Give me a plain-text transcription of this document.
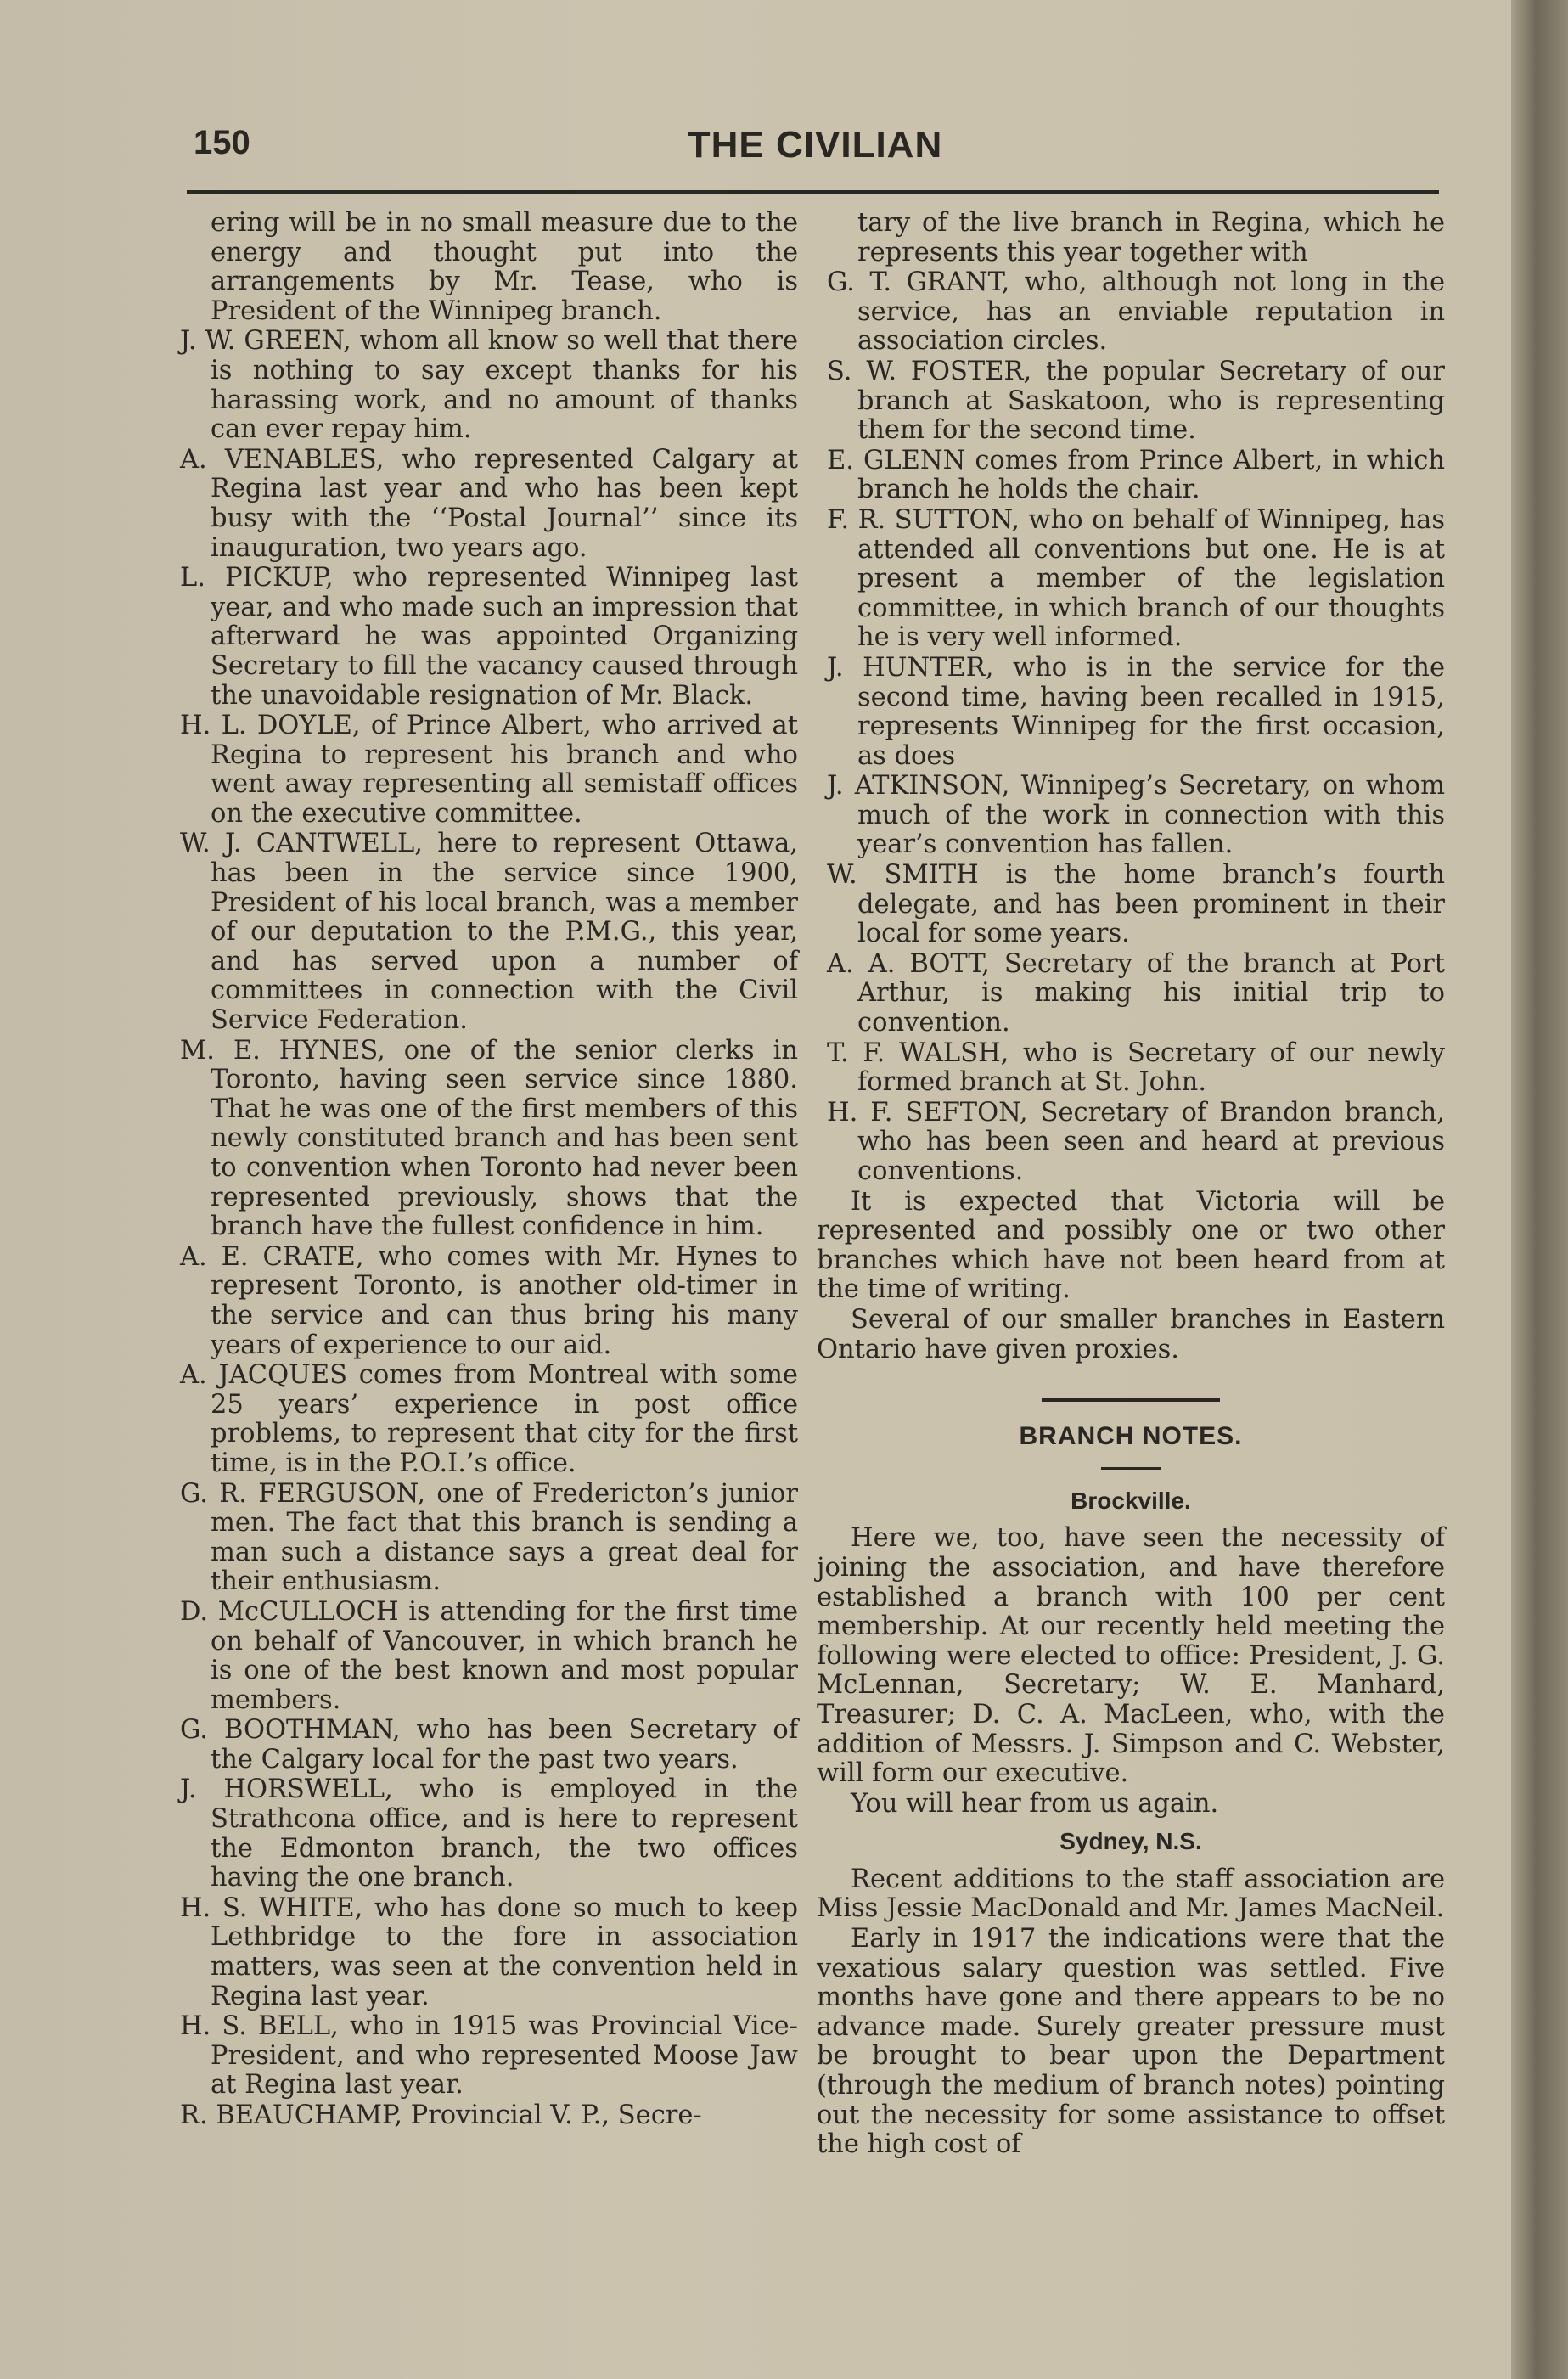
150	THE CIVILIAN

ering will be in no small measure due to the energy and thought put into the arrangements by Mr. Tease, who is President of the Winnipeg branch.

J. W. GREEN, whom all know so well that there is nothing to say except thanks for his harassing work, and no amount of thanks can ever repay him.

A. VENABLES, who represented Calgary at Regina last year and who has been kept busy with the ‘‘Postal Journal’’ since its inauguration, two years ago.

L. PICKUP, who represented Winnipeg last year, and who made such an impression that afterward he was appointed Organizing Secretary to fill the vacancy caused through the unavoidable resignation of Mr. Black.

H. L. DOYLE, of Prince Albert, who arrived at Regina to represent his branch and who went away representing all semistaff offices on the executive committee.

W. J. CANTWELL, here to represent Ottawa, has been in the service since 1900, President of his local branch, was a member of our deputation to the P.M.G., this year, and has served upon a number of committees in connection with the Civil Service Federation.

M. E. HYNES, one of the senior clerks in Toronto, having seen service since 1880. That he was one of the first members of this newly constituted branch and has been sent to convention when Toronto had never been represented previously, shows that the branch have the fullest confidence in him.

A. E. CRATE, who comes with Mr. Hynes to represent Toronto, is another old-timer in the service and can thus bring his many years of experience to our aid.

A. JACQUES comes from Montreal with some 25 years’ experience in post office problems, to represent that city for the first time, is in the P.O.I.’s office.

G. R. FERGUSON, one of Fredericton’s junior men. The fact that this branch is sending a man such a distance says a great deal for their enthusiasm.

D. McCULLOCH is attending for the first time on behalf of Vancouver, in which branch he is one of the best known and most popular members.

G. BOOTHMAN, who has been Secretary of the Calgary local for the past two years.

J. HORSWELL, who is employed in the Strathcona office, and is here to represent the Edmonton branch, the two offices having the one branch.

H. S. WHITE, who has done so much to keep Lethbridge to the fore in association matters, was seen at the convention held in Regina last year.

H. S. BELL, who in 1915 was Provincial Vice-President, and who represented Moose Jaw at Regina last year.

R. BEAUCHAMP, Provincial V. P., Secre-

tary of the live branch in Regina, which he represents this year together with

G. T. GRANT, who, although not long in the service, has an enviable reputation in association circles.

S. W. FOSTER, the popular Secretary of our branch at Saskatoon, who is representing them for the second time.

E. GLENN comes from Prince Albert, in which branch he holds the chair.

F. R. SUTTON, who on behalf of Winnipeg, has attended all conventions but one. He is at present a member of the legislation committee, in which branch of our thoughts he is very well informed.

J. HUNTER, who is in the service for the second time, having been recalled in 1915, represents Winnipeg for the first occasion, as does

J. ATKINSON, Winnipeg’s Secretary, on whom much of the work in connection with this year’s convention has fallen.

W. SMITH is the home branch’s fourth delegate, and has been prominent in their local for some years.

A. A. BOTT, Secretary of the branch at Port Arthur, is making his initial trip to convention.

T. F. WALSH, who is Secretary of our newly formed branch at St. John.

H. F. SEFTON, Secretary of Brandon branch, who has been seen and heard at previous conventions.

It is expected that Victoria will be represented and possibly one or two other branches which have not been heard from at the time of writing.

Several of our smaller branches in Eastern Ontario have given proxies.

BRANCH NOTES.
Brockville.

Here we, too, have seen the necessity of joining the association, and have therefore established a branch with 100 per cent membership. At our recently held meeting the following were elected to office: President, J. G. McLennan, Secretary; W. E. Manhard, Treasurer; D. C. A. MacLeen, who, with the addition of Messrs. J. Simpson and C. Webster, will form our executive.

You will hear from us again.

Sydney, N.S.

Recent additions to the staff association are Miss Jessie MacDonald and Mr. James MacNeil.

Early in 1917 the indications were that the vexatious salary question was settled. Five months have gone and there appears to be no advance made. Surely greater pressure must be brought to bear upon the Department (through the medium of branch notes) pointing out the necessity for some assistance to offset the high cost of
